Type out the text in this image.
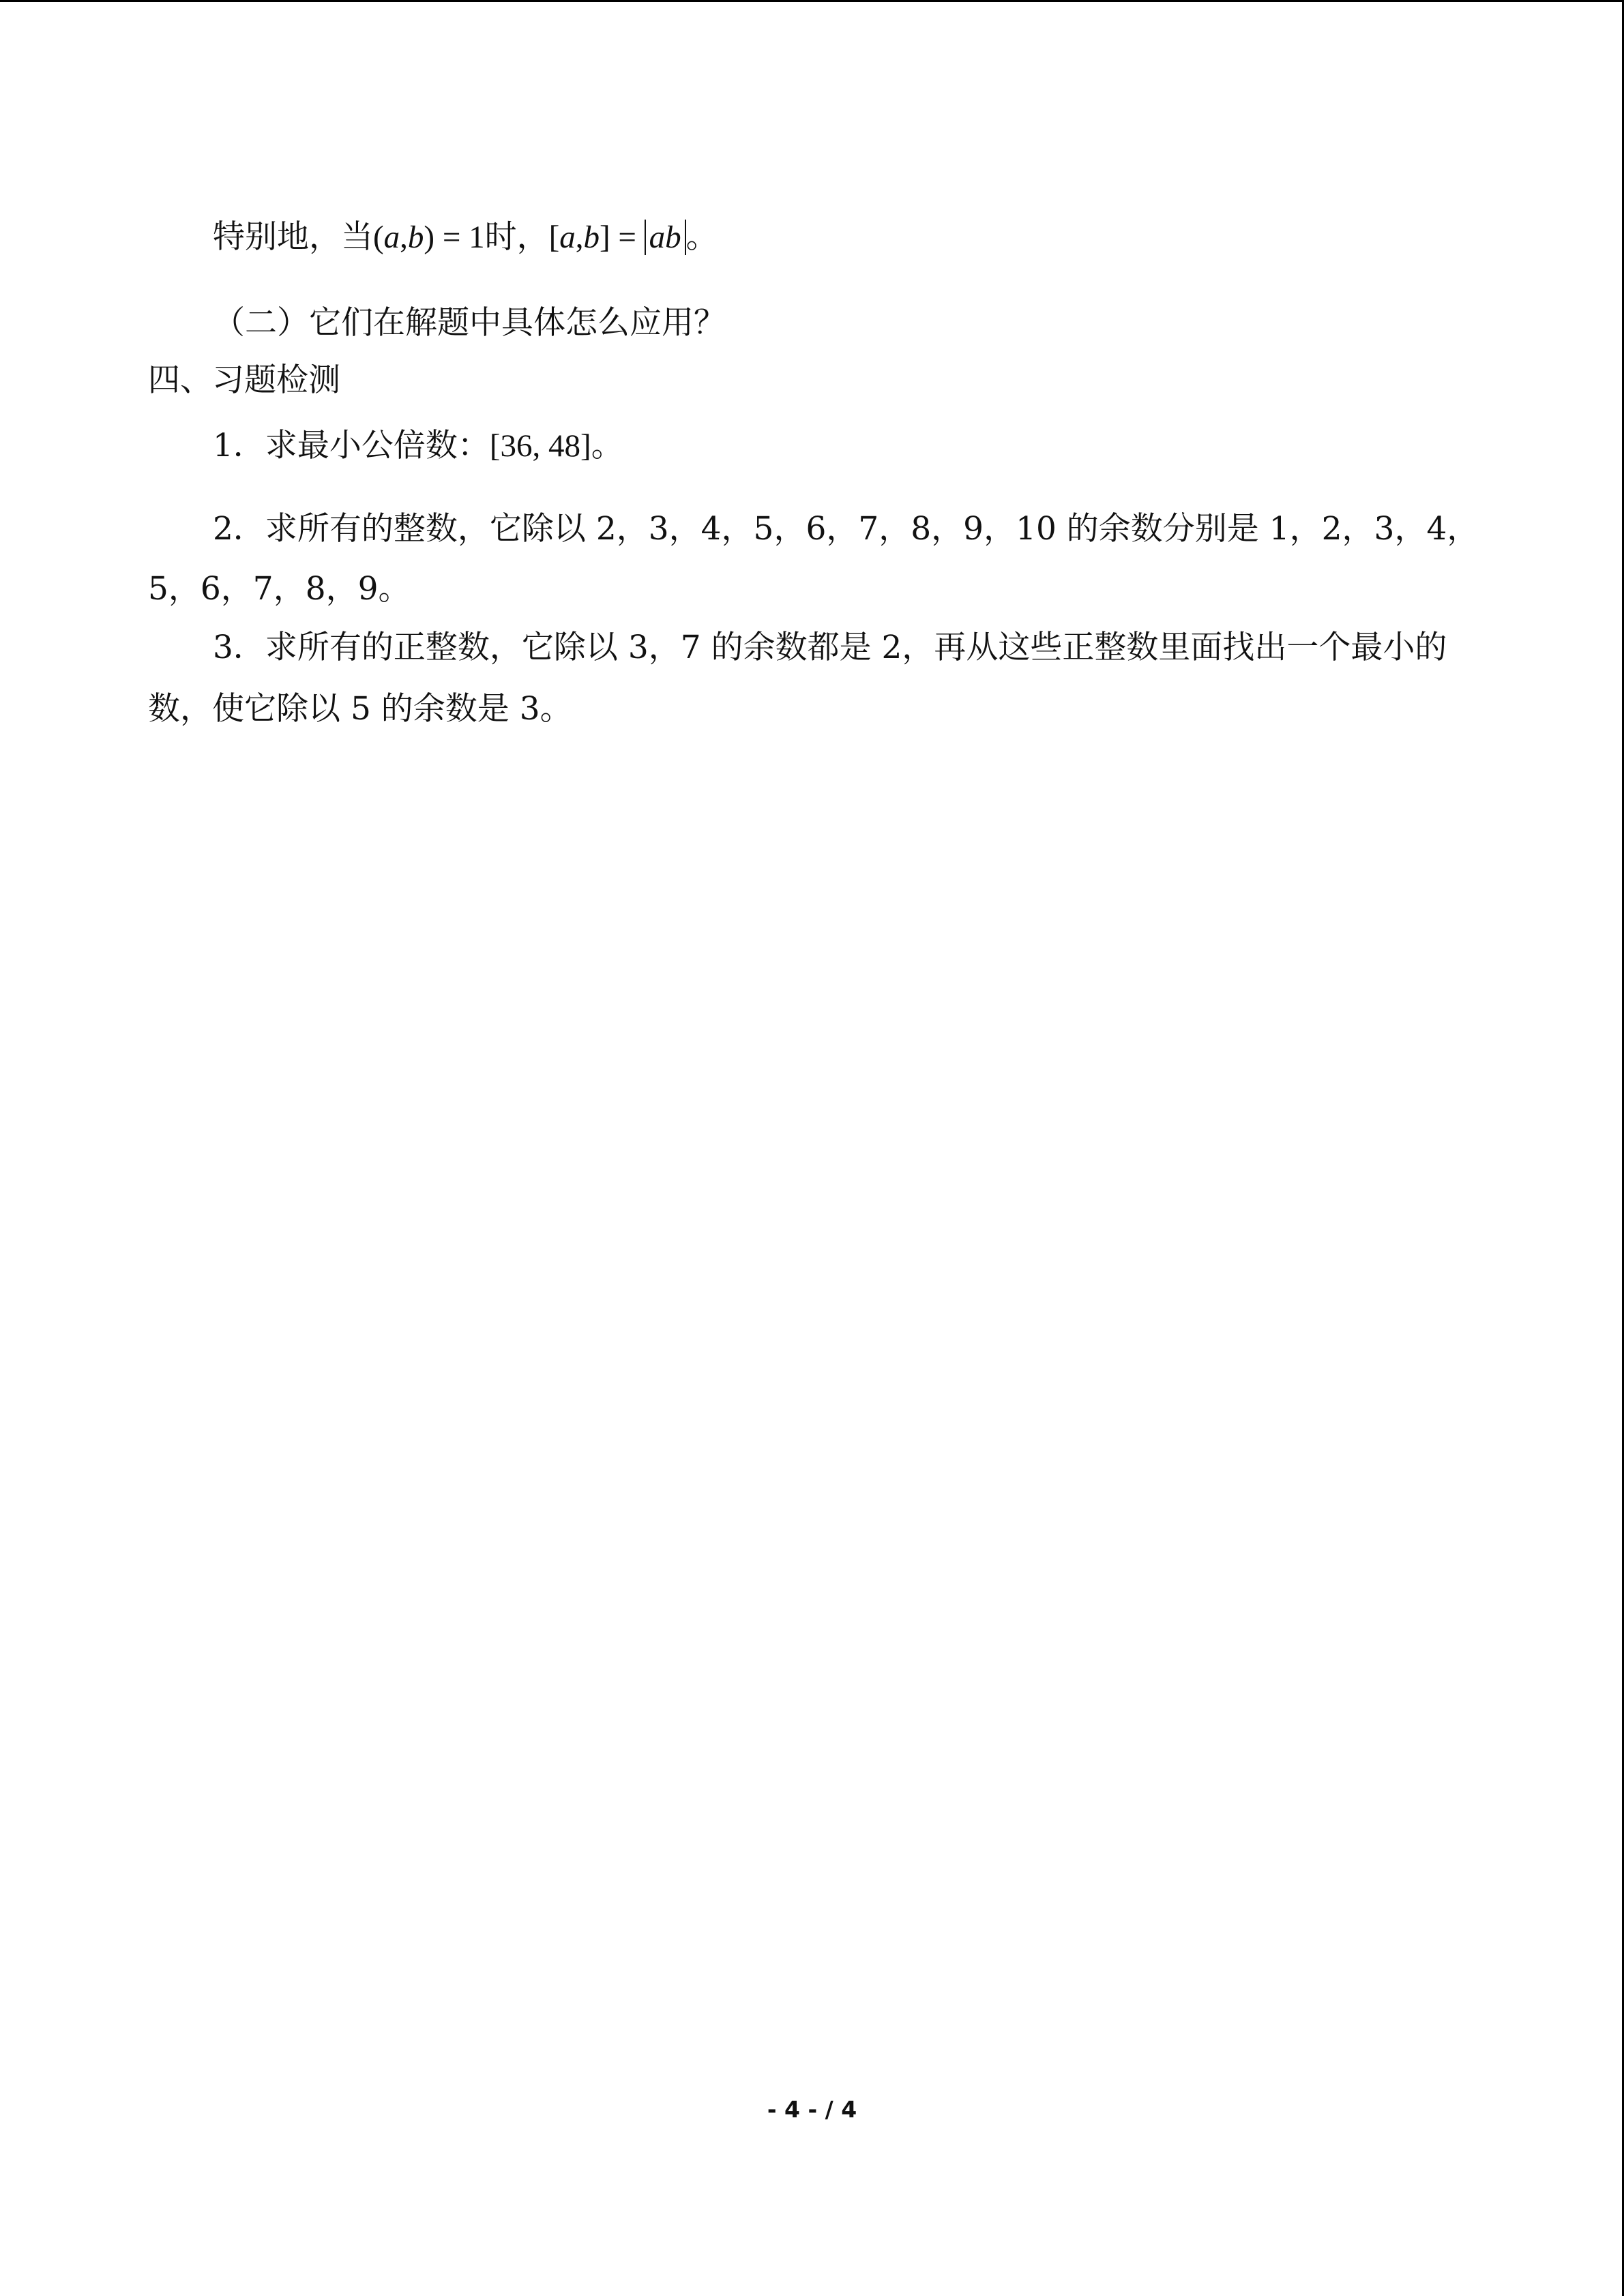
特别地，当(a,b) = 1时，[a,b] = ab 。
（二）它们在解题中具体怎么应用？
四、习题检测
1．求最小公倍数：[36, 48]。
2．求所有的整数，它除以 2，3，4，5，6，7，8，9，10 的余数分别是 1，2，3，4，
5，6，7，8，9。
3．求所有的正整数，它除以 3，7 的余数都是 2，再从这些正整数里面找出一个最小的
数，使它除以 5 的余数是 3。
- 4 - / 4
